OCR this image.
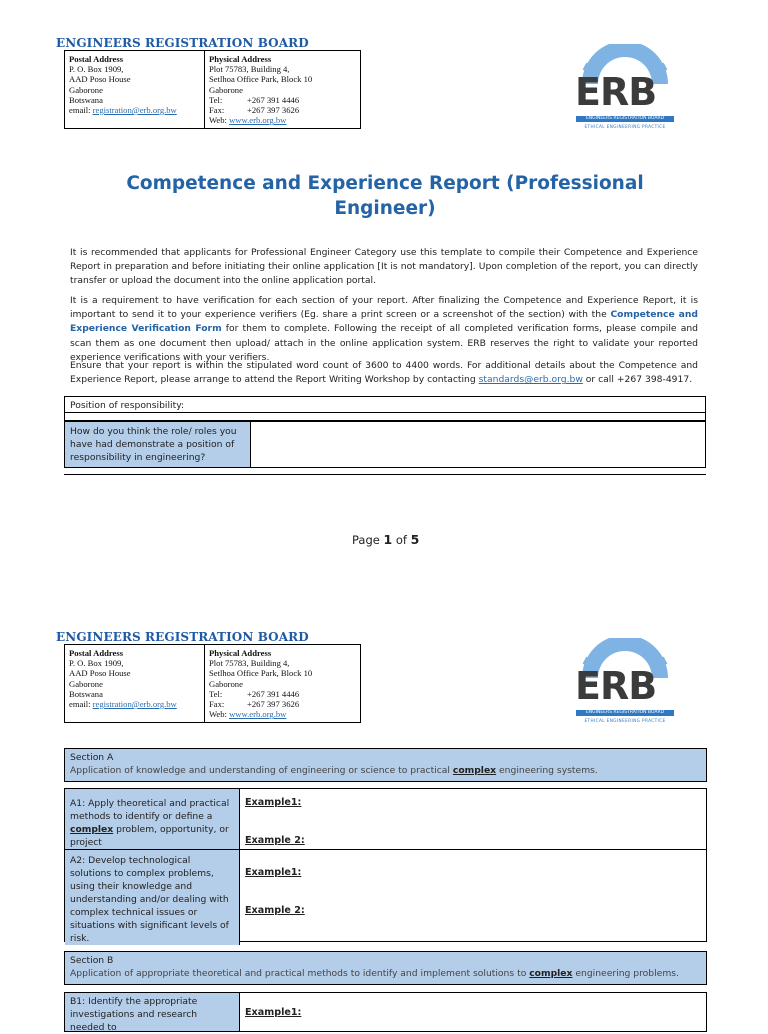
ENGINEERS REGISTRATION BOARD
Postal Address
P. O. Box 1909,
AAD Poso House
Gaborone
Botswana
email: registration@erb.org.bw
Physical Address
Plot 75783, Building 4,
Setlhoa Office Park, Block 10
Gaborone

Tel:	+267 391 4446
Fax:	+267 397 3626
Web: www.erb.org.bw
ERB
ENGINEERS REGISTRATION BOARD
ETHICAL ENGINEERING PRACTICE
Competence and Experience Report (Professional
Engineer)
It is recommended that applicants for Professional Engineer Category use this template to compile their Competence and Experience Report in preparation and before initiating their online application [It is not mandatory]. Upon completion of the report, you can directly transfer or upload the document into the online application portal.
It is a requirement to have verification for each section of your report. After finalizing the Competence and Experience Report, it is important to send it to your experience verifiers (Eg. share a print screen or a screenshot of the section) with the Competence and Experience Verification Form for them to complete. Following the receipt of all completed verification forms, please compile and scan them as one document then upload/ attach in the online application system. ERB reserves the right to validate your reported experience verifications with your verifiers.
Ensure that your report is within the stipulated word count of 3600 to 4400 words. For additional details about the Competence and Experience Report, please arrange to attend the Report Writing Workshop by contacting standards@erb.org.bw or call +267 398-4917.
Position of responsibility:
How do you think the role/ roles you have had demonstrate a position of responsibility in engineering?
Page 1 of 5
ENGINEERS REGISTRATION BOARD
Postal Address
P. O. Box 1909,
AAD Poso House
Gaborone
Botswana
email: registration@erb.org.bw
Physical Address
Plot 75783, Building 4,
Setlhoa Office Park, Block 10
Gaborone

Tel:	+267 391 4446
Fax:	+267 397 3626
Web: www.erb.org.bw
ERB
ENGINEERS REGISTRATION BOARD
ETHICAL ENGINEERING PRACTICE
Section A
Application of knowledge and understanding of engineering or science to practical complex engineering systems.
A1: Apply theoretical and practical methods to identify or define a complex problem, opportunity, or project
Example1:
Example 2:
A2: Develop technological solutions to complex problems, using their knowledge and understanding and/or dealing with complex technical issues or situations with significant levels of risk.
Example1:
Example 2:
Section B
Application of appropriate theoretical and practical methods to identify and implement solutions to complex engineering problems.
B1: Identify the appropriate investigations and research needed to
Example1:
